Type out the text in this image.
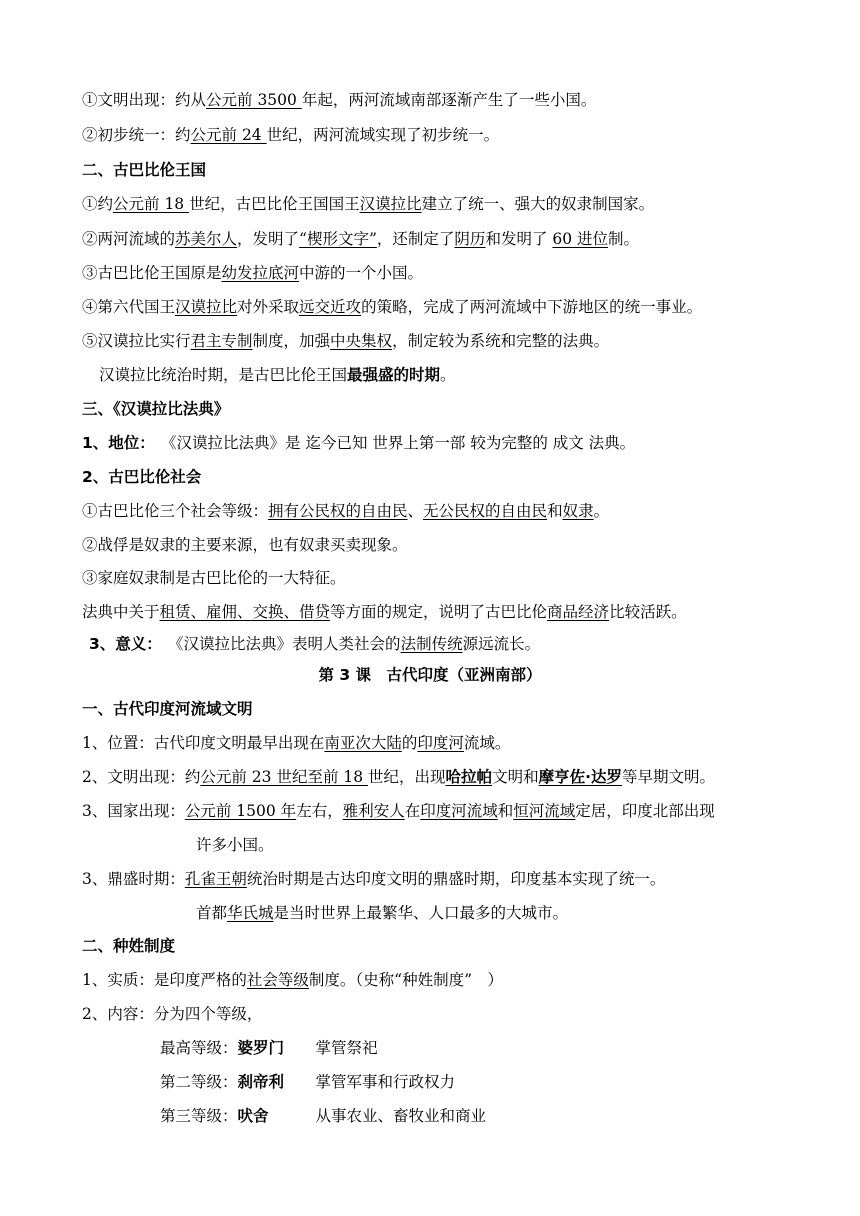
①文明出现：约从公元前 3500 年起，两河流域南部逐渐产生了一些小国。
②初步统一：约公元前 24 世纪，两河流域实现了初步统一。
二、古巴比伦王国
①约公元前 18 世纪，古巴比伦王国国王汉谟拉比建立了统一、强大的奴隶制国家。
②两河流域的苏美尔人，发明了“楔形文字”，还制定了阴历和发明了 60 进位制。
③古巴比伦王国原是幼发拉底河中游的一个小国。
④第六代国王汉谟拉比对外采取远交近攻的策略，完成了两河流域中下游地区的统一事业。
⑤汉谟拉比实行君主专制制度，加强中央集权，制定较为系统和完整的法典。
汉谟拉比统治时期，是古巴比伦王国最强盛的时期。
三、《汉谟拉比法典》
1、地位： 《汉谟拉比法典》是 迄今已知 世界上第一部 较为完整的 成文 法典。
2、古巴比伦社会
①古巴比伦三个社会等级：拥有公民权的自由民、无公民权的自由民和奴隶。
②战俘是奴隶的主要来源，也有奴隶买卖现象。
③家庭奴隶制是古巴比伦的一大特征。
法典中关于租赁、雇佣、交换、借贷等方面的规定，说明了古巴比伦商品经济比较活跃。
3、意义： 《汉谟拉比法典》表明人类社会的法制传统源远流长。
第 3 课　古代印度（亚洲南部）
一、古代印度河流域文明
1、位置：古代印度文明最早出现在南亚次大陆的印度河流域。
2、文明出现：约公元前 23 世纪至前 18 世纪，出现哈拉帕文明和摩亨佐·达罗等早期文明。
3、国家出现：公元前 1500 年左右，雅利安人在印度河流域和恒河流域定居，印度北部出现
许多小国。
3、鼎盛时期：孔雀王朝统治时期是古达印度文明的鼎盛时期，印度基本实现了统一。
首都华氏城是当时世界上最繁华、人口最多的大城市。
二、种姓制度
1、实质：是印度严格的社会等级制度。（史称“种姓制度”　）
2、内容：分为四个等级，
最高等级：婆罗门 掌管祭祀
第二等级：刹帝利 掌管军事和行政权力
第三等级：吠舍	从事农业、畜牧业和商业
